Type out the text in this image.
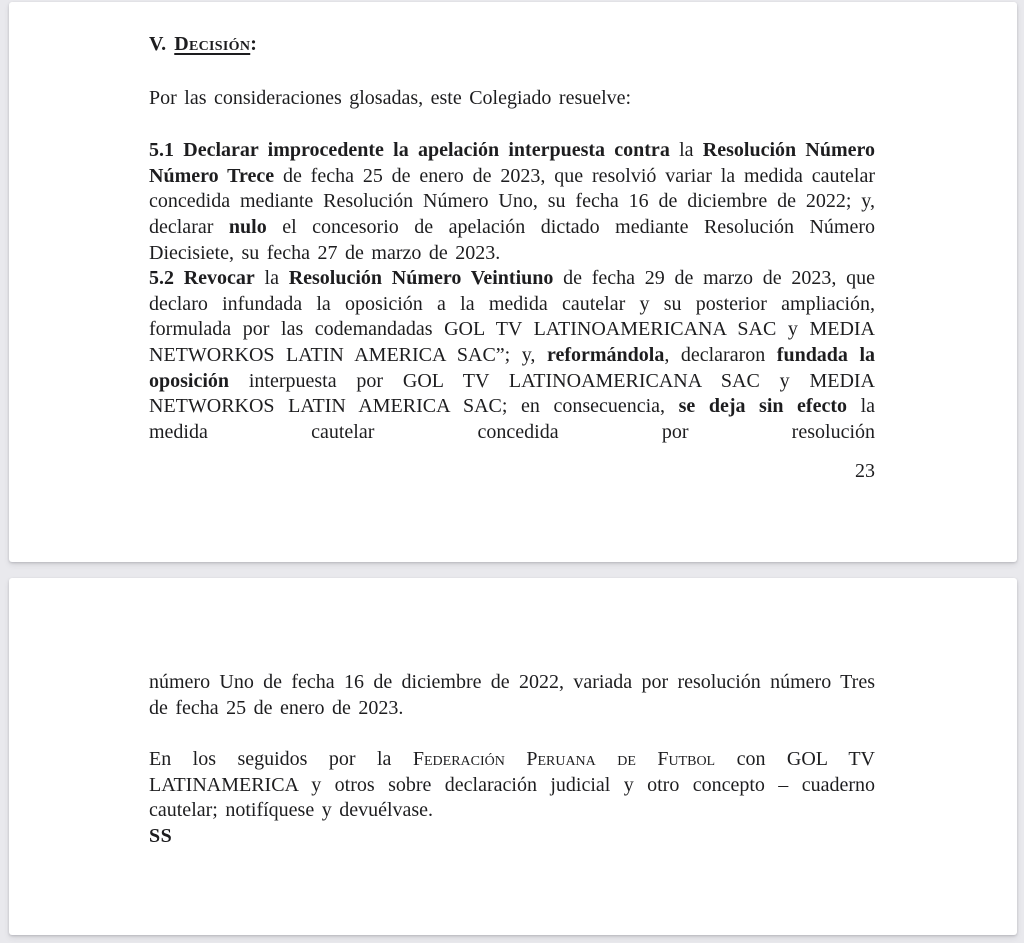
V. Decisión:

Por las consideraciones glosadas, este Colegiado resuelve:

5.1 Declarar improcedente la apelación interpuesta contra la Resolución Número Número Trece de fecha 25 de enero de 2023, que resolvió variar la medida cautelar concedida mediante Resolución Número Uno, su fecha 16 de diciembre de 2022; y, declarar nulo el concesorio de apelación dictado mediante Resolución Número Diecisiete, su fecha 27 de marzo de 2023.

5.2 Revocar la Resolución Número Veintiuno de fecha 29 de marzo de 2023, que declaro infundada la oposición a la medida cautelar y su posterior ampliación, formulada por las codemandadas GOL TV LATINOAMERICANA SAC y MEDIA NETWORKOS LATIN AMERICA SAC”; y, reformándola, declararon fundada la oposición interpuesta por GOL TV LATINOAMERICANA SAC y MEDIA NETWORKOS LATIN AMERICA SAC; en consecuencia, se deja sin efecto la medida cautelar concedida por resolución

23

número Uno de fecha 16 de diciembre de 2022, variada por resolución número Tres de fecha 25 de enero de 2023.

En los seguidos por la Federación Peruana de Futbol con GOL TV LATINAMERICA y otros sobre declaración judicial y otro concepto – cuaderno cautelar; notifíquese y devuélvase.

SS
